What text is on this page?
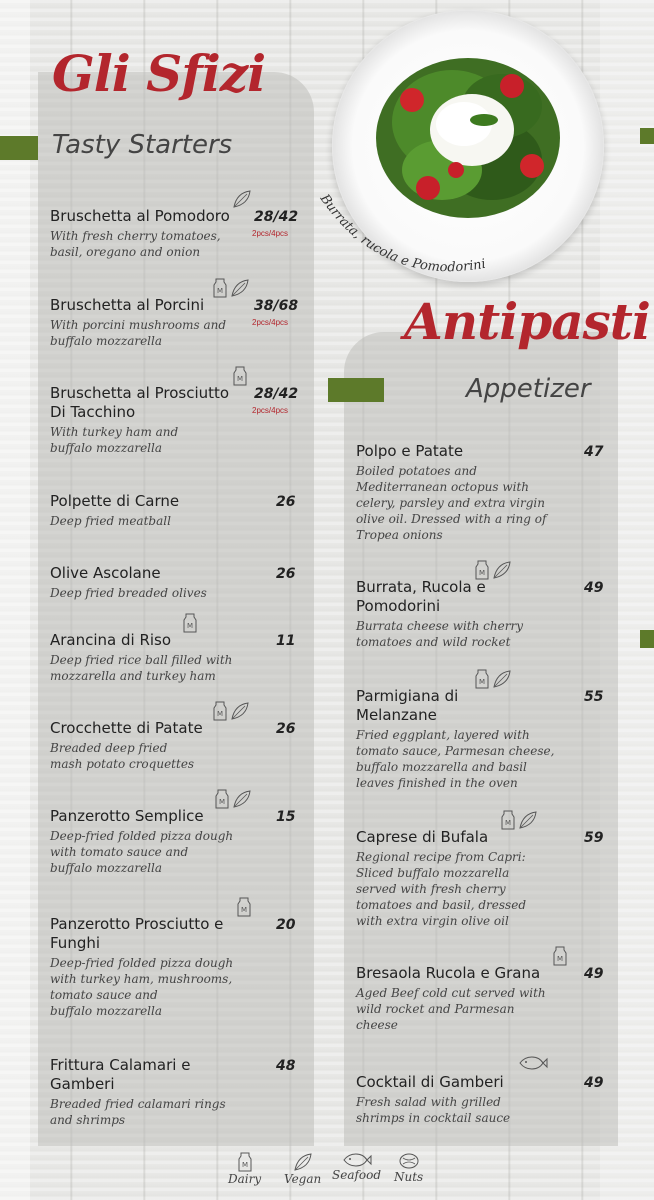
Gli Sfizi
Tasty Starters
Antipasti
Appetizer
Burrata, rucola e Pomodorini
Bruschetta al Pomodoro
With fresh cherry tomatoes,
basil, oregano and onion
28/42
2pcs/4pcs
Bruschetta al Porcini
With porcini mushrooms and
buffalo mozzarella
38/68
2pcs/4pcs
M
Bruschetta al Prosciutto
Di Tacchino
With turkey ham and
buffalo mozzarella
28/42
2pcs/4pcs
M
Polpette di Carne
Deep fried meatball
26
Olive Ascolane
Deep fried breaded olives
26
Arancina di Riso
Deep fried rice ball filled with
mozzarella and turkey ham
11
M
Crocchette di Patate
Breaded deep fried
mash potato croquettes
26
M
Panzerotto Semplice
Deep-fried folded pizza dough
with tomato sauce and
buffalo mozzarella
15
M
Panzerotto Prosciutto e
Funghi
Deep-fried folded pizza dough
with turkey ham, mushrooms,
tomato sauce and
buffalo mozzarella
20
M
Frittura Calamari e
Gamberi
Breaded fried calamari rings
and shrimps
48
Polpo e Patate
Boiled potatoes and
Mediterranean octopus with
celery, parsley and extra virgin
olive oil. Dressed with a ring of
Tropea onions
47
Burrata, Rucola e
Pomodorini
Burrata cheese with cherry
tomatoes and wild rocket
49
M
Parmigiana di
Melanzane
Fried eggplant, layered with
tomato sauce, Parmesan cheese,
buffalo mozzarella and basil
leaves finished in the oven
55
M
Caprese di Bufala
Regional recipe from Capri:
Sliced buffalo mozzarella
served with fresh cherry
tomatoes and basil, dressed
with extra virgin olive oil
59
M
Bresaola Rucola e Grana
Aged Beef cold cut served with
wild rocket and Parmesan
cheese
49
M
Cocktail di Gamberi
Fresh salad with grilled
shrimps in cocktail sauce
49
M
Dairy Vegan Seafood Nuts
